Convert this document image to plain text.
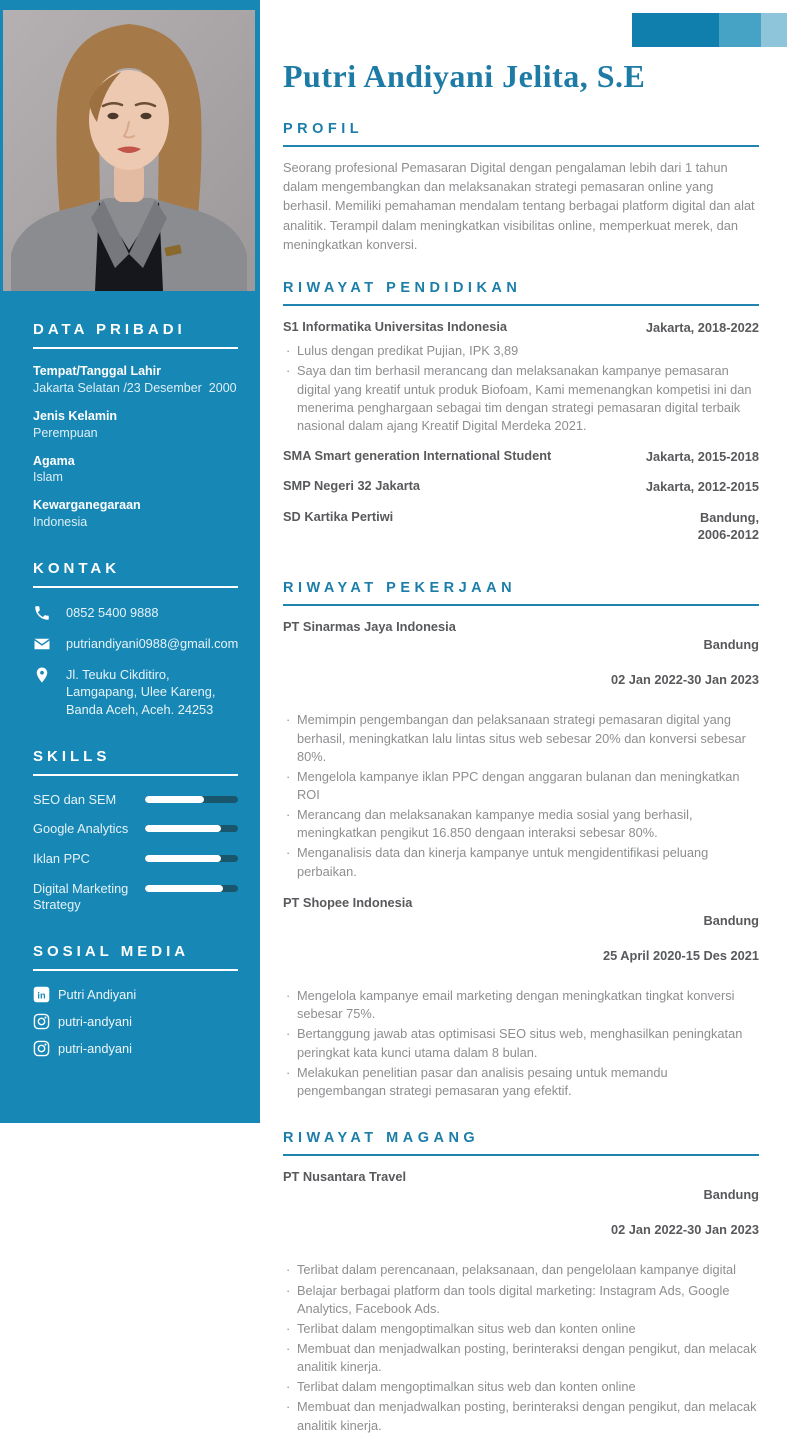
DATA PRIBADI
Tempat/Tanggal Lahir
Jakarta Selatan /23 Desember  2000
Jenis Kelamin
Perempuan
Agama
Islam
Kewarganegaraan
Indonesia
KONTAK
0852 5400 9888
putriandiyani0988@gmail.com
Jl. Teuku Cikditiro, Lamgapang, Ulee Kareng, Banda Aceh, Aceh. 24253
SKILLS
SEO dan SEM
Google Analytics
Iklan PPC
Digital Marketing Strategy
SOSIAL MEDIA
in Putri Andiyani
putri-andyani
putri-andyani
Putri Andiyani Jelita, S.E
PROFIL

Seorang profesional Pemasaran Digital dengan pengalaman lebih dari 1 tahun dalam mengembangkan dan melaksanakan strategi pemasaran online yang berhasil. Memiliki pemahaman mendalam tentang berbagai platform digital dan alat analitik. Terampil dalam meningkatkan visibilitas online, memperkuat merek, dan meningkatkan konversi.

RIWAYAT PENDIDIKAN
S1 Informatika Universitas Indonesia	Jakarta, 2018-2022
· Lulus dengan predikat Pujian, IPK 3,89
· Saya dan tim berhasil merancang dan melaksanakan kampanye pemasaran digital yang kreatif untuk produk Biofoam, Kami memenangkan kompetisi ini dan menerima penghargaan sebagai tim dengan strategi pemasaran digital terbaik nasional dalam ajang Kreatif Digital Merdeka 2021.
SMA Smart generation International Student	Jakarta, 2015-2018
SMP Negeri 32 Jakarta	Jakarta, 2012-2015
SD Kartika Pertiwi	Bandung,
2006-2012
RIWAYAT PEKERJAAN
PT Sinarmas Jaya Indonesia

Bandung

02 Jan 2022-30 Jan 2023

· Memimpin pengembangan dan pelaksanaan strategi pemasaran digital yang berhasil, meningkatkan lalu lintas situs web sebesar 20% dan konversi sebesar 80%.
· Mengelola kampanye iklan PPC dengan anggaran bulanan dan meningkatkan ROI
· Merancang dan melaksanakan kampanye media sosial yang berhasil, meningkatkan pengikut 16.850 dengaan interaksi sebesar 80%.
· Menganalisis data dan kinerja kampanye untuk mengidentifikasi peluang perbaikan.
PT Shopee Indonesia

Bandung

25 April 2020-15 Des 2021

· Mengelola kampanye email marketing dengan meningkatkan tingkat konversi sebesar 75%.
· Bertanggung jawab atas optimisasi SEO situs web, menghasilkan peningkatan peringkat kata kunci utama dalam 8 bulan.
· Melakukan penelitian pasar dan analisis pesaing untuk memandu pengembangan strategi pemasaran yang efektif.
RIWAYAT MAGANG
PT Nusantara Travel

Bandung

02 Jan 2022-30 Jan 2023

· Terlibat dalam perencanaan, pelaksanaan, dan pengelolaan kampanye digital
· Belajar berbagai platform dan tools digital marketing: Instagram Ads, Google Analytics, Facebook Ads.
· Terlibat dalam mengoptimalkan situs web dan konten online
· Membuat dan menjadwalkan posting, berinteraksi dengan pengikut, dan melacak analitik kinerja.
· Terlibat dalam mengoptimalkan situs web dan konten online
· Membuat dan menjadwalkan posting, berinteraksi dengan pengikut, dan melacak analitik kinerja.
